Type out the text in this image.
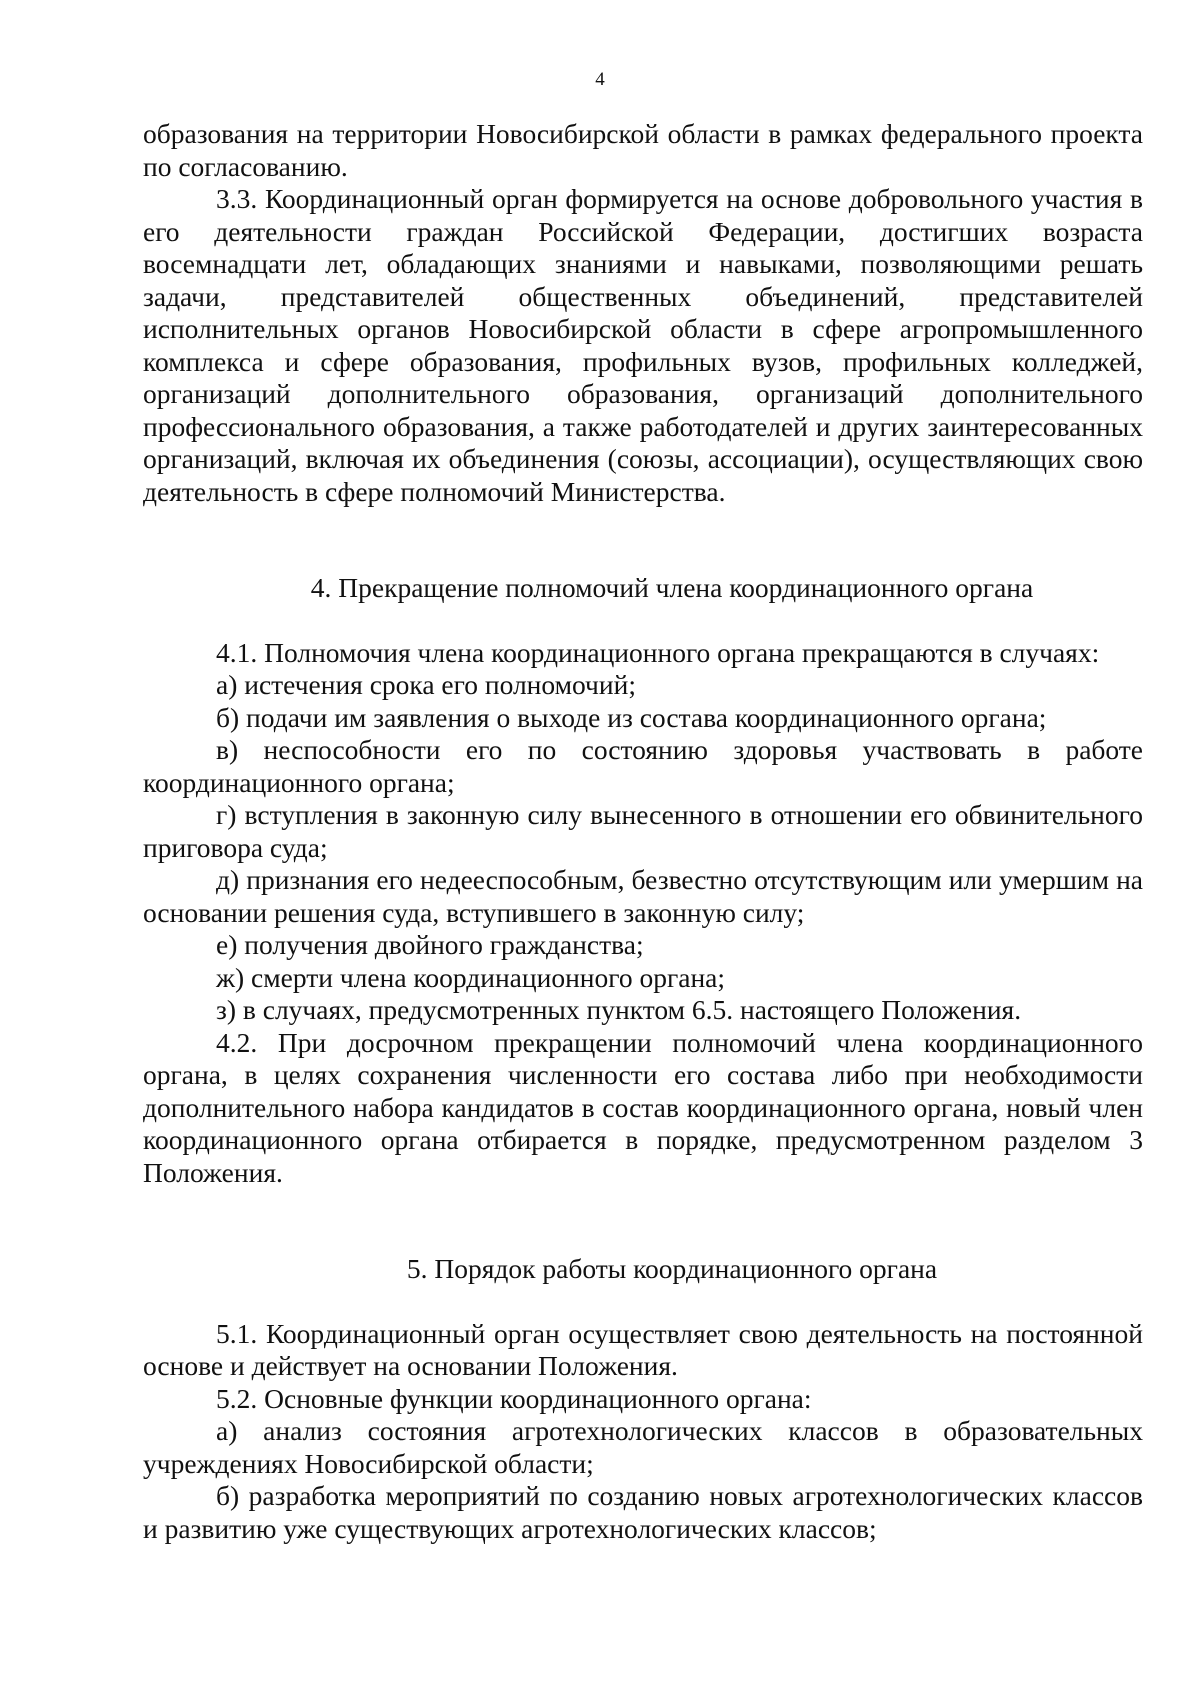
4

образования на территории Новосибирской области в рамках федерального проекта по согласованию.

3.3. Координационный орган формируется на основе добровольного участия в его деятельности граждан Российской Федерации, достигших возраста восемнадцати лет, обладающих знаниями и навыками, позволяющими решать задачи, представителей общественных объединений, представителей исполнительных органов Новосибирской области в сфере агропромышленного комплекса и сфере образования, профильных вузов, профильных колледжей, организаций дополнительного образования, организаций дополнительного профессионального образования, а также работодателей и других заинтересованных организаций, включая их объединения (союзы, ассоциации), осуществляющих свою деятельность в сфере полномочий Министерства.

4. Прекращение полномочий члена координационного органа

4.1. Полномочия члена координационного органа прекращаются в случаях:

а) истечения срока его полномочий;

б) подачи им заявления о выходе из состава координационного органа;

в) неспособности его по состоянию здоровья участвовать в работе координационного органа;

г) вступления в законную силу вынесенного в отношении его обвинительного приговора суда;

д) признания его недееспособным, безвестно отсутствующим или умершим на основании решения суда, вступившего в законную силу;

е) получения двойного гражданства;

ж) смерти члена координационного органа;

з) в случаях, предусмотренных пунктом 6.5. настоящего Положения.

4.2. При досрочном прекращении полномочий члена координационного органа, в целях сохранения численности его состава либо при необходимости дополнительного набора кандидатов в состав координационного органа, новый член координационного органа отбирается в порядке, предусмотренном разделом 3 Положения.

5. Порядок работы координационного органа

5.1. Координационный орган осуществляет свою деятельность на постоянной основе и действует на основании Положения.

5.2. Основные функции координационного органа:

а) анализ состояния агротехнологических классов в образовательных учреждениях Новосибирской области;

б) разработка мероприятий по созданию новых агротехнологических классов и развитию уже существующих агротехнологических классов;
